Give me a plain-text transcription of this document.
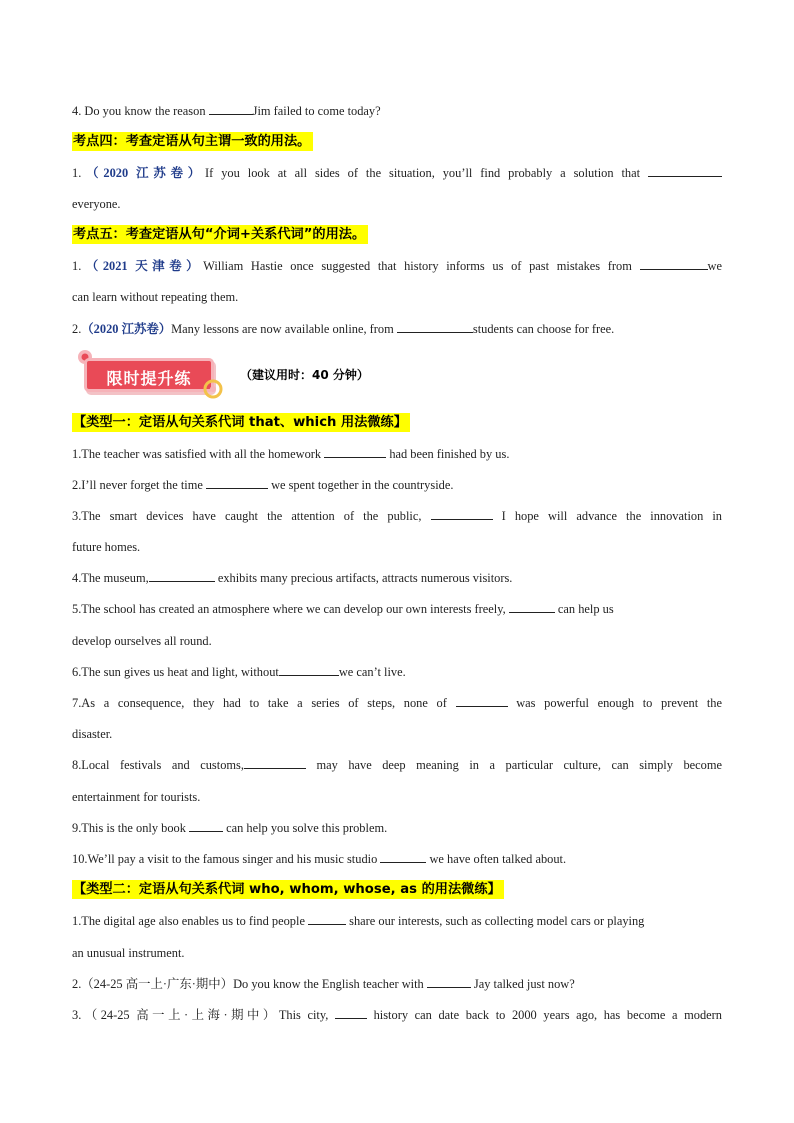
4. Do you know the reason	Jim failed to come today?
考点四：考查定语从句主谓一致的用法。
1.（2020 江苏卷）If you look at all sides of the situation, you’ll find probably a solution that
everyone.
考点五：考查定语从句“介词+关系代词”的用法。
1.（2021 天津卷）William Hastie once suggested that history informs us of past mistakes from	we
can learn without repeating them.
2.（2020 江苏卷）Many lessons are now available online, from	students can choose for free.
限时提升练	（建议用时：40 分钟）
【类型一：定语从句关系代词 that、which 用法微练】
1.The teacher was satisfied with all the homework	had been finished by us.
2.I’ll never forget the time	we spent together in the countryside.
3.The smart devices have caught the attention of the public,	I hope will advance the innovation in
future homes.
4.The museum,	exhibits many precious artifacts, attracts numerous visitors.
5.The school has created an atmosphere where we can develop our own interests freely,	can help us
develop ourselves all round.
6.The sun gives us heat and light, without	we can’t live.
7.As a consequence, they had to take a series of steps, none of	was powerful enough to prevent the
disaster.
8.Local festivals and customs,	may have deep meaning in a particular culture, can simply become
entertainment for tourists.
9.This is the only book	can help you solve this problem.
10.We’ll pay a visit to the famous singer and his music studio	we have often talked about.
【类型二：定语从句关系代词 who, whom, whose, as 的用法微练】
1.The digital age also enables us to find people	share our interests, such as collecting model cars or playing
an unusual instrument.
2.（24-25 高一上·广东·期中）Do you know the English teacher with	Jay talked just now?
3.（24-25 高一上·上海·期中）This city,	history can date back to 2000 years ago, has become a modern
